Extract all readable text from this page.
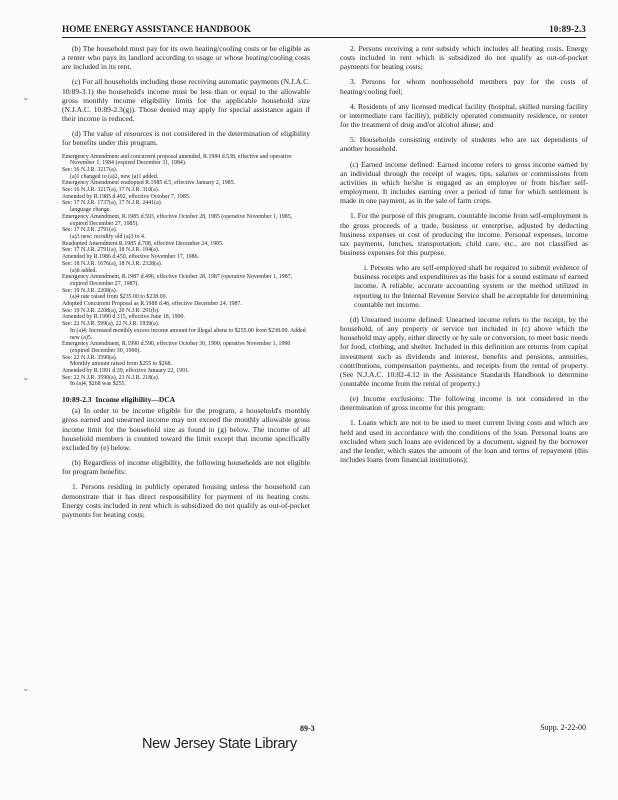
HOME ENERGY ASSISTANCE HANDBOOK	10:89-2.3
⌄
⌄
⌄

(b) The household must pay for its own heating/cooling costs or be eligible as a renter who pays its landlord according to usage or whose heating/cooling costs are included in its rent.

(c) For all households including those receiving automatic payments (N.J.A.C. 10:89-3.1) the household's income must be less than or equal to the allowable gross monthly income eligibility limits for the applicable household size (N.J.A.C. 10:89-2.3(g)). Those denied may apply for special assistance again if their income is reduced.

(d) The value of resources is not considered in the determination of eligibility for benefits under this program.

Emergency Amendment and concurrent proposal amended, R.1984 d.538, effective and operative November 1, 1984 (expired December 31, 1984).
See: 16 N.J.R. 3217(a).
(a)1 changed to (a)2, new (a)1 added.
Emergency Amendment readopted R.1985 d.5, effective January 2, 1985.
See: 16 N.J.R. 3217(a), 17 N.J.R. 310(a).
Amended by R.1985 d.492, effective October 7, 1985.
See: 17 N.J.R. 1737(a), 17 N.J.R. 2441(a).
language change.
Emergency Amendment, R.1985 d.593, effective October 28, 1985 (operative November 1, 1985, expired December 27, 1985).
See: 17 N.J.R. 2791(a).
(a)3 new; recodify old (a)3 to 4.
Readopted Amendment R.1985 d.708, effective December 24, 1985.
See: 17 N.J.R. 2791(a), 18 N.J.R. 194(a).
Amended by R.1986 d.450, effective November 17, 1986.
See: 18 N.J.R. 1676(a), 18 N.J.R. 2328(a).
(a)ii added.
Emergency Amendment, R.1987 d.496, effective October 28, 1987 (operative November 1, 1987, expired December 27, 1987).
See: 19 N.J.R. 2208(a).
(a)4 rate raised from $235.00 to $238.00.
Adopted Concurrent Proposal as R.1988 d.46, effective December 24, 1987.
See: 19 N.J.R. 2208(a), 20 N.J.R. 291(b).
Amended by R.1990 d.315, effective June 18, 1990.
See: 22 N.J.R. 599(a), 22 N.J.R. 1939(a).
In (a)4: Increased monthly excess income amount for illegal aliens to $255.00 from $238.00. Added new (a)5.
Emergency Amendment, R.1990 d.590, effective October 30, 1990; operative November 1, 1990 (expired December 30, 1990).
See: 22 N.J.R. 3590(a).
Monthly amount raised from $255 to $268.
Amended by R.1991 d.39, effective January 22, 1991.
See: 22 N.J.R. 3590(a), 23 N.J.R. 218(a).
In (a)4, $268 was $255.

10:89-2.3 Income eligibility—DCA

(a) In order to be income eligible for the program, a household's monthly gross earned and unearned income may not exceed the monthly allowable gross income limit for the household size as found in (g) below. The income of all household members is counted toward the limit except that income specifically excluded by (e) below.

(b) Regardless of income eligibility, the following households are not eligible for program benefits:

1. Persons residing in publicly operated housing unless the household can demonstrate that it has direct responsibility for payment of its heating costs. Energy costs included in rent which is subsidized do not qualify as out-of-pocket payments for heating costs;

2. Persons receiving a rent subsidy which includes all heating costs. Energy costs included in rent which is subsidized do not qualify as out-of-pocket payments for heating costs;

3. Persons for whom nonhousehold members pay for the costs of heating/cooling fuel;

4. Residents of any licensed medical facility (hospital, skilled nursing facility or intermediate care facility), publicly operated community residence, or center for the treatment of drug and/or alcohol abuse; and

5. Households consisting entirely of students who are tax dependents of another household.

(c) Earned income defined: Earned income refers to gross income earned by an individual through the receipt of wages, tips, salaries or commissions from activities in which he/she is engaged as an employee or from his/her self-employment. It includes earning over a period of time for which settlement is made in one payment, as in the sale of farm crops.

1. For the purpose of this program, countable income from self-employment is the gross proceeds of a trade, business or enterprise, adjusted by deducting business expenses or cost of producing the income. Personal expenses, income tax payments, lunches, transportation, child care, etc., are not classified as business expenses for this purpose.

i. Persons who are self-employed shall be required to submit evidence of business receipts and expenditures as the basis for a sound estimate of earned income. A reliable, accurate accounting system or the method utilized in reporting to the Internal Revenue Service shall be acceptable for determining countable net income.

(d) Unearned income defined: Unearned income refers to the receipt, by the household, of any property or service not included in (c) above which the household may apply, either directly or by sale or conversion, to meet basic needs for food, clothing, and shelter. Included in this definition are returns from capital investment such as dividends and interest, benefits and pensions, annuities, contributions, compensation payments, and receipts from the rental of property. (See N.J.A.C. 10:82-4.12 in the Assistance Standards Handbook to determine countable income from the rental of property.)

(e) Income exclusions: The following income is not considered in the determination of gross income for this program:

1. Loans which are not to be used to meet current living costs and which are held and used in accordance with the conditions of the loan. Personal loans are excluded when such loans are evidenced by a document, signed by the borrower and the lender, which states the amount of the loan and terms of repayment (this includes loans from financial institutions);

89-3	Supp. 2-22-00
New Jersey State Library
